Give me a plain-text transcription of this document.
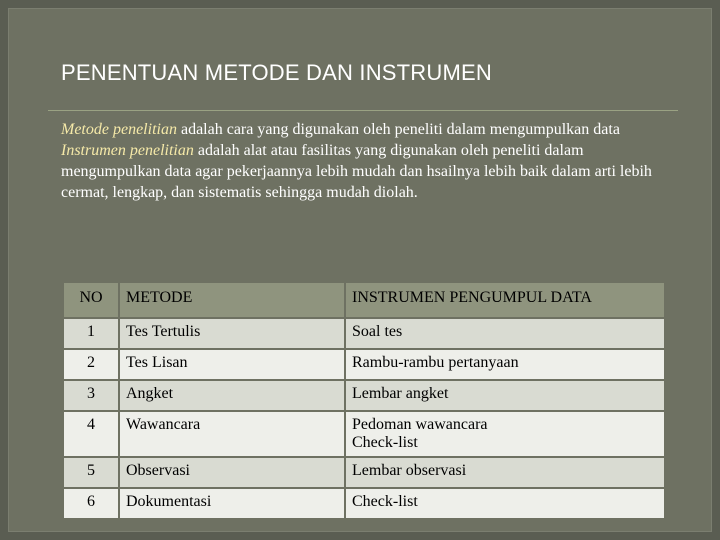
PENENTUAN METODE DAN INSTRUMEN
Metode penelitian adalah cara yang digunakan oleh peneliti dalam mengumpulkan data
Instrumen penelitian adalah alat atau fasilitas yang digunakan oleh peneliti dalam mengumpulkan data agar pekerjaannya lebih mudah dan hsailnya lebih baik dalam arti lebih cermat, lengkap, dan sistematis sehingga mudah diolah.
NO	METODE	INSTRUMEN PENGUMPUL DATA
1	Tes Tertulis	Soal tes
2	Tes Lisan	Rambu-rambu pertanyaan
3	Angket	Lembar angket
4	Wawancara	Pedoman wawancara
Check-list

5	Observasi	Lembar observasi
6	Dokumentasi	Check-list
